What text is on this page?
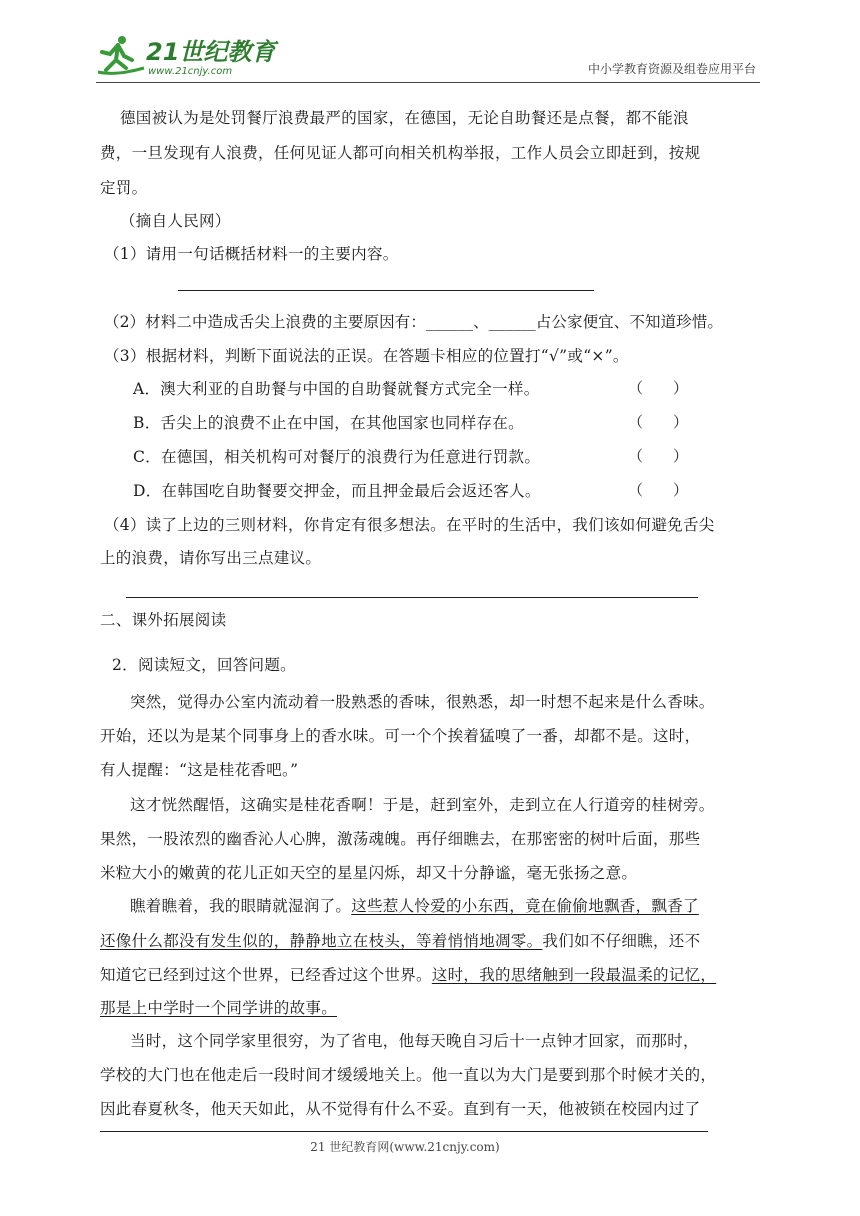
21世纪教育
www.21cnjy.com	中小学教育资源及组卷应用平台
德国被认为是处罚餐厅浪费最严的国家，在德国，无论自助餐还是点餐，都不能浪
费，一旦发现有人浪费，任何见证人都可向相关机构举报，工作人员会立即赶到，按规
定罚。
（摘自人民网）
（1）请用一句话概括材料一的主要内容。
（2）材料二中造成舌尖上浪费的主要原因有：______、______占公家便宜、不知道珍惜。
（3）根据材料，判断下面说法的正误。在答题卡相应的位置打“√”或“×”。
A．澳大利亚的自助餐与中国的自助餐就餐方式完全一样。	（　　）
B．舌尖上的浪费不止在中国，在其他国家也同样存在。	（　　）
C．在德国，相关机构可对餐厅的浪费行为任意进行罚款。	（　　）
D．在韩国吃自助餐要交押金，而且押金最后会返还客人。	（　　）
（4）读了上边的三则材料，你肯定有很多想法。在平时的生活中，我们该如何避免舌尖
上的浪费，请你写出三点建议。
二、课外拓展阅读
2．阅读短文，回答问题。
突然，觉得办公室内流动着一股熟悉的香味，很熟悉，却一时想不起来是什么香味。
开始，还以为是某个同事身上的香水味。可一个个挨着猛嗅了一番，却都不是。这时，
有人提醒：“这是桂花香吧。”
这才恍然醒悟，这确实是桂花香啊！于是，赶到室外，走到立在人行道旁的桂树旁。
果然，一股浓烈的幽香沁人心脾，激荡魂魄。再仔细瞧去，在那密密的树叶后面，那些
米粒大小的嫩黄的花儿正如天空的星星闪烁，却又十分静谧，毫无张扬之意。
瞧着瞧着，我的眼睛就湿润了。这些惹人怜爱的小东西，竟在偷偷地飘香，飘香了
还像什么都没有发生似的，静静地立在枝头，等着悄悄地凋零。我们如不仔细瞧，还不
知道它已经到过这个世界，已经香过这个世界。这时，我的思绪触到一段最温柔的记忆，
那是上中学时一个同学讲的故事。
当时，这个同学家里很穷，为了省电，他每天晚自习后十一点钟才回家，而那时，
学校的大门也在他走后一段时间才缓缓地关上。他一直以为大门是要到那个时候才关的，
因此春夏秋冬，他天天如此，从不觉得有什么不妥。直到有一天，他被锁在校园内过了
21 世纪教育网(www.21cnjy.com)
